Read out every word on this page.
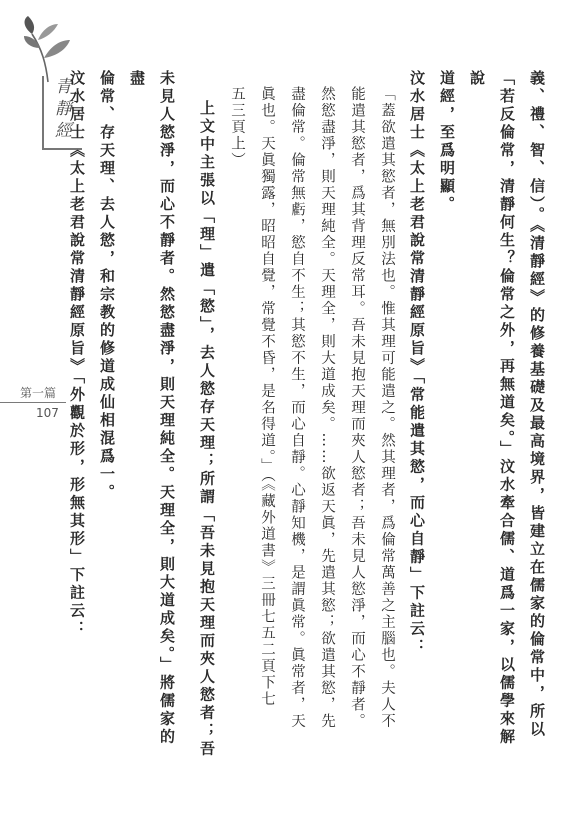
青
靜
經
第一篇
107	義、禮、智、信）。《清靜經》的修養基礎及最高境界，皆建立在儒家的倫常中，所以
「若反倫常，清靜何生？倫常之外，再無道矣。」汶水牽合儒、道爲一家，以儒學來解說
道經，至爲明顯。
汶水居士《太上老君說常清靜經原旨》「常能遣其慾，而心自靜」下註云：
「蓋欲遣其慾者，無別法也。惟其理可能遣之。然其理者，爲倫常萬善之主腦也。夫人不
能遣其慾者，爲其背理反常耳。吾未見抱天理而夾人慾者；吾未見人慾淨，而心不靜者。
然慾盡淨，則天理純全。天理全，則大道成矣。……欲返天眞，先遣其慾；欲遣其慾，先
盡倫常。倫常無虧，慾自不生；其慾不生，而心自靜。心靜知機，是謂眞常。眞常者，天
眞也。天眞獨露，昭昭自覺，常覺不昏，是名得道。」（《藏外道書》三冊七五二頁下七
五三頁上）
上文中主張以「理」遣「慾」，去人慾存天理；所謂「吾未見抱天理而夾人慾者；吾
未見人慾淨，而心不靜者。然慾盡淨，則天理純全。天理全，則大道成矣。」將儒家的盡
倫常、存天理、去人慾，和宗教的修道成仙相混爲一。
汶水居士《太上老君說常清靜經原旨》「外觀於形，形無其形」下註云：
